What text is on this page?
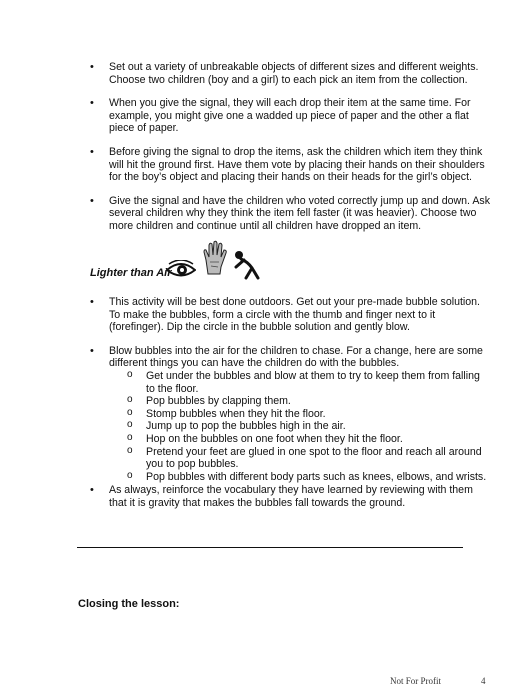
• Set out a variety of unbreakable objects of different sizes and different weights. Choose two children (boy and a girl) to each pick an item from the collection.
• When you give the signal, they will each drop their item at the same time. For example, you might give one a wadded up piece of paper and the other a flat piece of paper.
• Before giving the signal to drop the items, ask the children which item they think will hit the ground first. Have them vote by placing their hands on their shoulders for the boy’s object and placing their hands on their heads for the girl’s object.
• Give the signal and have the children who voted correctly jump up and down. Ask several children why they think the item fell faster (it was heavier). Choose two more children and continue until all children have dropped an item.
Lighter than Air
• This activity will be best done outdoors. Get out your pre-made bubble solution. To make the bubbles, form a circle with the thumb and finger next to it (forefinger). Dip the circle in the bubble solution and gently blow.
• Blow bubbles into the air for the children to chase. For a change, here are some different things you can have the children do with the bubbles.
o Get under the bubbles and blow at them to try to keep them from falling to the floor.
o Pop bubbles by clapping them.
o Stomp bubbles when they hit the floor.
o Jump up to pop the bubbles high in the air.
o Hop on the bubbles on one foot when they hit the floor.
o Pretend your feet are glued in one spot to the floor and reach all around you to pop bubbles.
o Pop bubbles with different body parts such as knees, elbows, and wrists.
• As always, reinforce the vocabulary they have learned by reviewing with them that it is gravity that makes the bubbles fall towards the ground.
Closing the lesson:
Not For Profit	4
